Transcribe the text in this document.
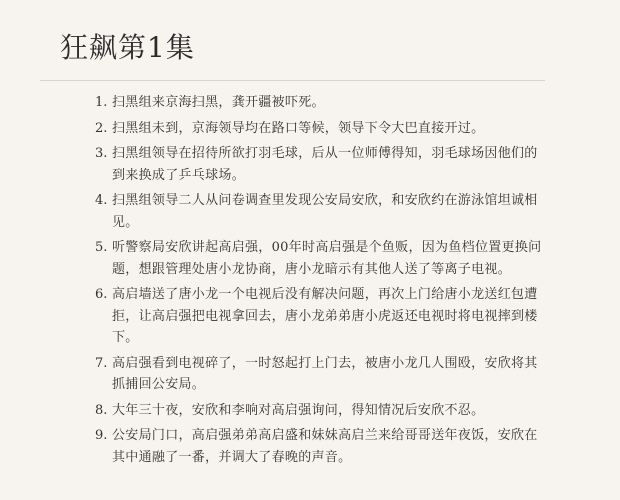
狂飙第1集
1. 扫黑组来京海扫黑，龚开疆被吓死。
2. 扫黑组未到，京海领导均在路口等候，领导下令大巴直接开过。
3. 扫黑组领导在招待所欲打羽毛球，后从一位师傅得知，羽毛球场因他们的到来换成了乒乓球场。
4. 扫黑组领导二人从问卷调查里发现公安局安欣，和安欣约在游泳馆坦诚相见。
5. 听警察局安欣讲起高启强，00年时高启强是个鱼贩，因为鱼档位置更换问题，想跟管理处唐小龙协商，唐小龙暗示有其他人送了等离子电视。
6. 高启墙送了唐小龙一个电视后没有解决问题，再次上门给唐小龙送红包遭拒，让高启强把电视拿回去，唐小龙弟弟唐小虎返还电视时将电视摔到楼下。
7. 高启强看到电视碎了，一时怒起打上门去，被唐小龙几人围殴，安欣将其抓捕回公安局。
8. 大年三十夜，安欣和李响对高启强询问，得知情况后安欣不忍。
9. 公安局门口，高启强弟弟高启盛和妹妹高启兰来给哥哥送年夜饭，安欣在其中通融了一番，并调大了春晚的声音。
